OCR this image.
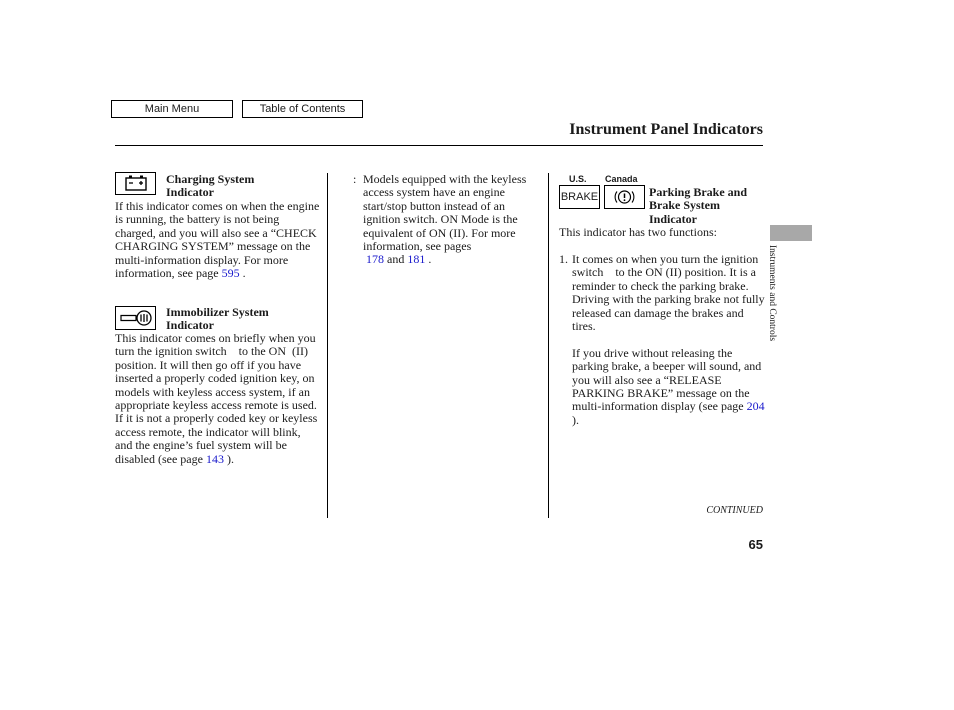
Main Menu	Table of Contents
Instrument Panel Indicators
Charging System
Indicator

If this indicator comes on when the engine is running, the battery is not being charged, and you will also see a “CHECK CHARGING SYSTEM” message on the multi-information display. For more information, see page 595 .

Immobilizer System
Indicator

This indicator comes on briefly when you turn the ignition switch to the ON (II) position. It will then go off if you have inserted a properly coded ignition key, on models with keyless access system, if an appropriate keyless access remote is used. If it is not a properly coded key or keyless access remote, the indicator will blink, and the engine’s fuel system will be disabled (see page 143 ).

: Models equipped with the keyless access system have an engine start/stop button instead of an ignition switch. ON Mode is the equivalent of ON (II). For more information, see pages
178 and 181 .

U.S. Canada
BRAKE	Parking Brake and
Brake System
Indicator
This indicator has two functions:
1. It comes on when you turn the ignition switch to the ON (II) position. It is a reminder to check the parking brake. Driving with the parking brake not fully released can damage the brakes and tires.

If you drive without releasing the parking brake, a beeper will sound, and you will also see a “RELEASE PARKING BRAKE” message on the multi-information display (see page 204 ).

Instruments and Controls
CONTINUED
65
